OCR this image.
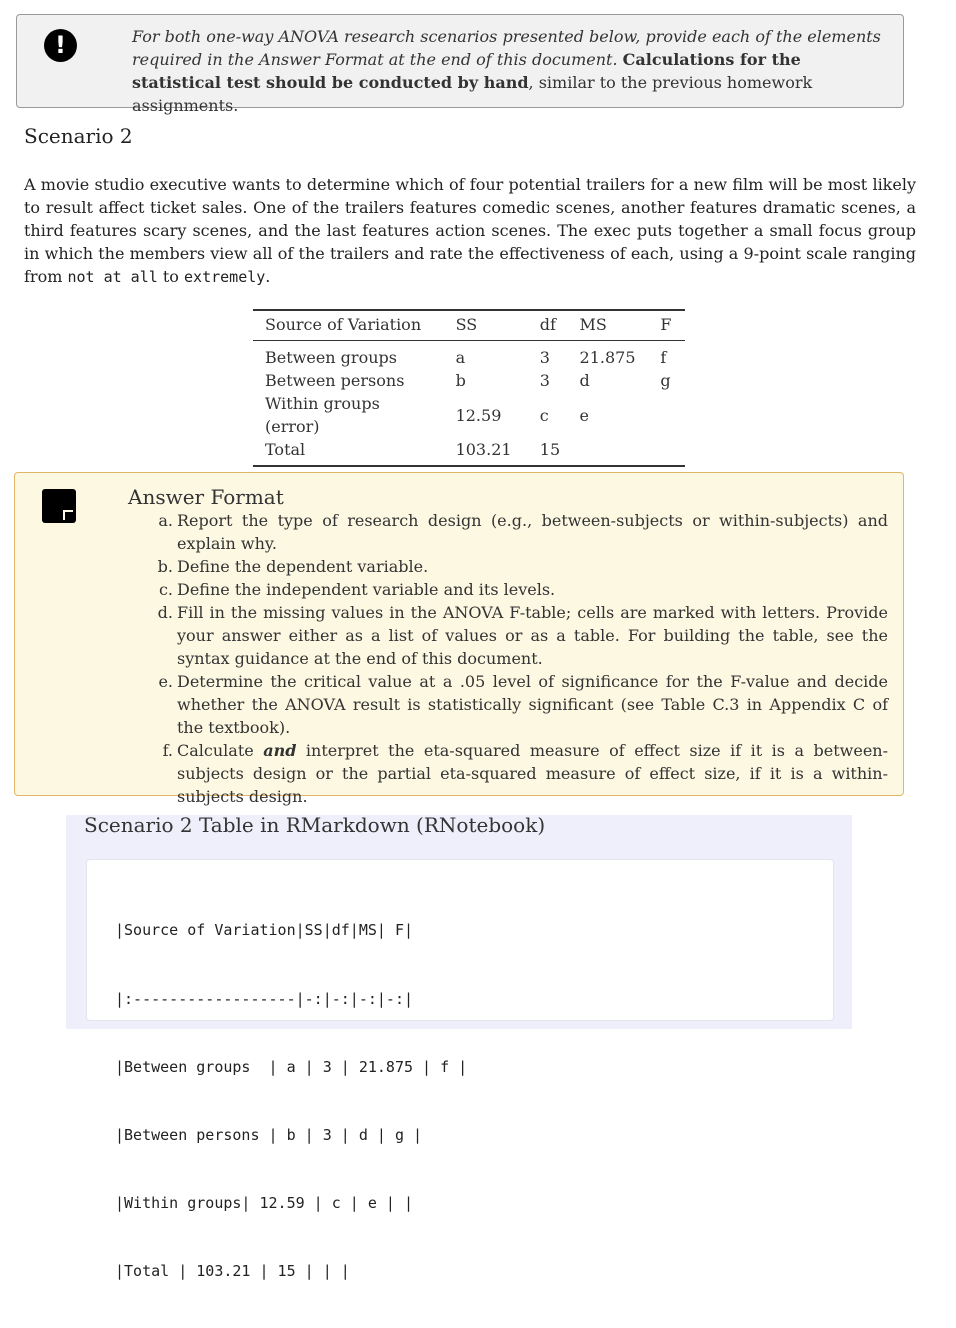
!	For both one-way ANOVA research scenarios presented below, provide each of the elements required in the Answer Format at the end of this document. Calculations for the statistical test should be conducted by hand, similar to the previous homework assignments.
Scenario 2
A movie studio executive wants to determine which of four potential trailers for a new film will be most likely to result affect ticket sales. One of the trailers features comedic scenes, another features dramatic scenes, a third features scary scenes, and the last features action scenes. The exec puts together a small focus group in which the members view all of the trailers and rate the effectiveness of each, using a 9-point scale ranging from not at all to extremely.
Source of Variation	SS	df	MS	F
Between groups	a	3	21.875	f
Between persons	b	3	d	g
Within groups (error)	12.59	c	e	
Total	103.21	15		
Answer Format
a. Report the type of research design (e.g., between-subjects or within-subjects) and explain why.
b. Define the dependent variable.
c. Define the independent variable and its levels.
d. Fill in the missing values in the ANOVA F-table; cells are marked with letters. Provide your answer either as a list of values or as a table. For building the table, see the syntax guidance at the end of this document.
e. Determine the critical value at a .05 level of significance for the F-value and decide whether the ANOVA result is statistically significant (see Table C.3 in Appendix C of the textbook).
f. Calculate and interpret the eta-squared measure of effect size if it is a between-subjects design or the partial eta-squared measure of effect size, if it is a within-subjects design.
Scenario 2 Table in RMarkdown (RNotebook)

|Source of Variation|SS|df|MS| F|

|:------------------|-:|-:|-:|-:|

|Between groups  | a | 3 | 21.875 | f |

|Between persons | b | 3 | d | g |

|Within groups| 12.59 | c | e | |

|Total | 103.21 | 15 | | |
